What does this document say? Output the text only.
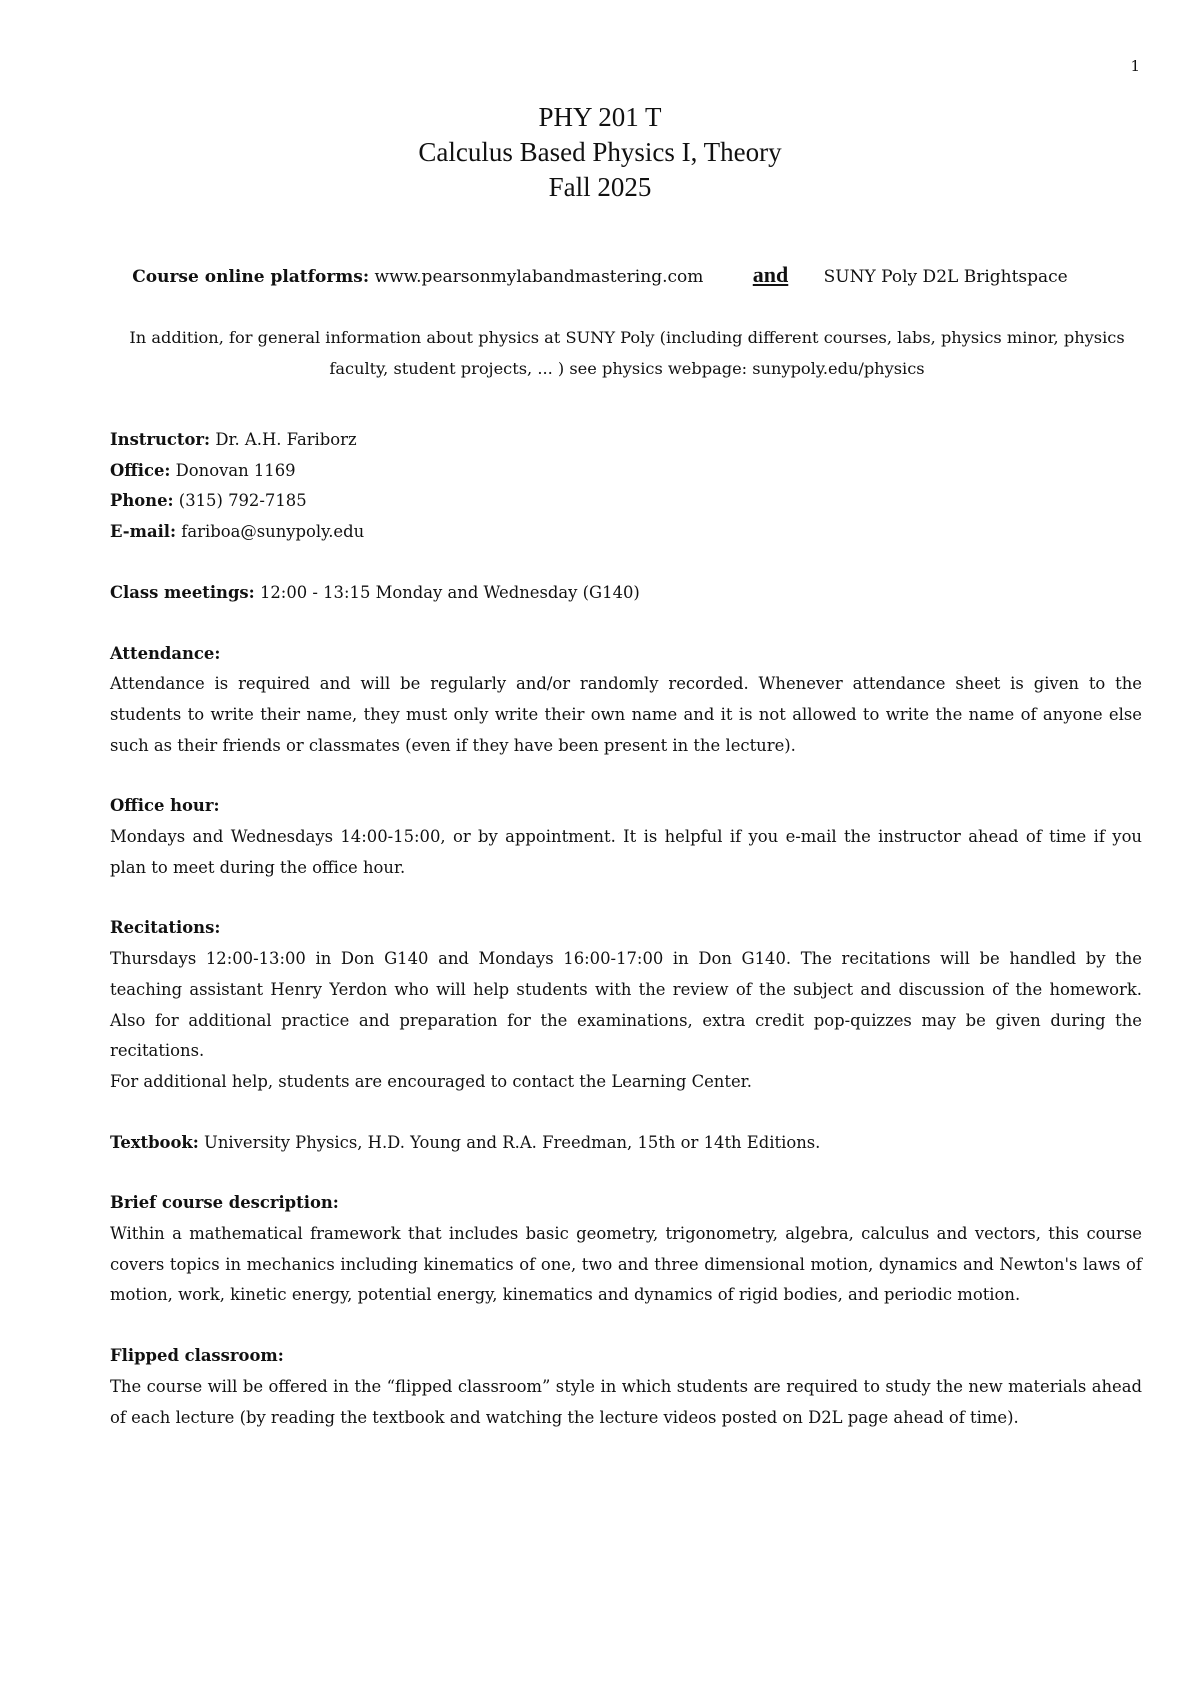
1
PHY 201 T
Calculus Based Physics I, Theory
Fall 2025
Course online platforms: www.pearsonmylabandmastering.com and SUNY Poly D2L Brightspace
In addition, for general information about physics at SUNY Poly (including different courses, labs, physics minor, physics faculty, student projects, ... ) see physics webpage: sunypoly.edu/physics
Instructor: Dr. A.H. Fariborz
Office: Donovan 1169
Phone: (315) 792-7185
E-mail: fariboa@sunypoly.edu
Class meetings: 12:00 - 13:15 Monday and Wednesday (G140)
Attendance:

Attendance is required and will be regularly and/or randomly recorded. Whenever attendance sheet is given to the students to write their name, they must only write their own name and it is not allowed to write the name of anyone else such as their friends or classmates (even if they have been present in the lecture).

Office hour:

Mondays and Wednesdays 14:00-15:00, or by appointment. It is helpful if you e-mail the instructor ahead of time if you plan to meet during the office hour.

Recitations:

Thursdays 12:00-13:00 in Don G140 and Mondays 16:00-17:00 in Don G140. The recitations will be handled by the teaching assistant Henry Yerdon who will help students with the review of the subject and discussion of the homework. Also for additional practice and preparation for the examinations, extra credit pop-quizzes may be given during the recitations.

For additional help, students are encouraged to contact the Learning Center.

Textbook: University Physics, H.D. Young and R.A. Freedman, 15th or 14th Editions.
Brief course description:

Within a mathematical framework that includes basic geometry, trigonometry, algebra, calculus and vectors, this course covers topics in mechanics including kinematics of one, two and three dimensional motion, dynamics and Newton's laws of motion, work, kinetic energy, potential energy, kinematics and dynamics of rigid bodies, and periodic motion.

Flipped classroom:

The course will be offered in the “flipped classroom” style in which students are required to study the new materials ahead of each lecture (by reading the textbook and watching the lecture videos posted on D2L page ahead of time).
